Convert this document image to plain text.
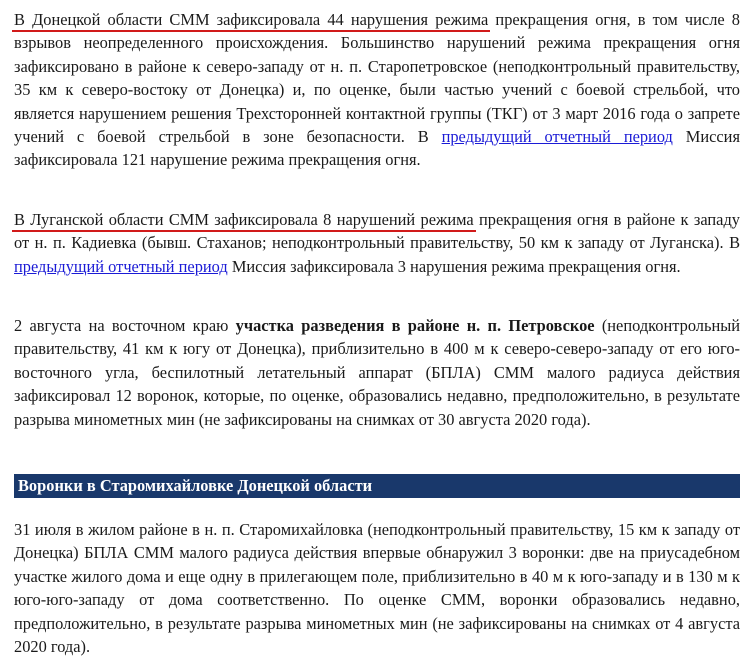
В Донецкой области СММ зафиксировала 44 нарушения режима прекращения огня, в том числе 8 взрывов неопределенного происхождения. Большинство нарушений режима прекращения огня зафиксировано в районе к северо-западу от н. п. Старопетровское (неподконтрольный правительству, 35 км к северо-востоку от Донецка) и, по оценке, были частью учений с боевой стрельбой, что является нарушением решения Трехсторонней контактной группы (ТКГ) от 3 март 2016 года о запрете учений с боевой стрельбой в зоне безопасности. В предыдущий отчетный период Миссия зафиксировала 121 нарушение режима прекращения огня.
В Луганской области СММ зафиксировала 8 нарушений режима прекращения огня в районе к западу от н. п. Кадиевка (бывш. Стаханов; неподконтрольный правительству, 50 км к западу от Луганска). В предыдущий отчетный период Миссия зафиксировала 3 нарушения режима прекращения огня.
2 августа на восточном краю участка разведения в районе н. п. Петровское (неподконтрольный правительству, 41 км к югу от Донецка), приблизительно в 400 м к северо-северо-западу от его юго-восточного угла, беспилотный летательный аппарат (БПЛА) СММ малого радиуса действия зафиксировал 12 воронок, которые, по оценке, образовались недавно, предположительно, в результате разрыва минометных мин (не зафиксированы на снимках от 30 августа 2020 года).
Воронки в Старомихайловке Донецкой области
31 июля в жилом районе в н. п. Старомихайловка (неподконтрольный правительству, 15 км к западу от Донецка) БПЛА СММ малого радиуса действия впервые обнаружил 3 воронки: две на приусадебном участке жилого дома и еще одну в прилегающем поле, приблизительно в 40 м к юго-западу и в 130 м к юго-юго-западу от дома соответственно. По оценке СММ, воронки образовались недавно, предположительно, в результате разрыва минометных мин (не зафиксированы на снимках от 4 августа 2020 года).
